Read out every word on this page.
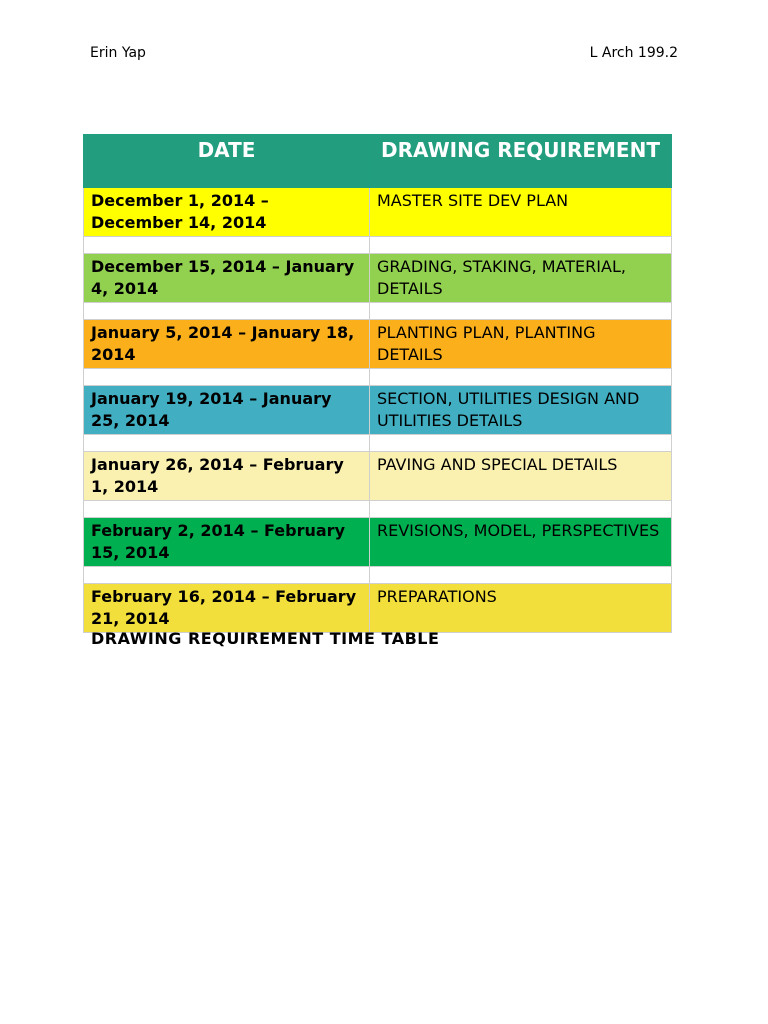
Erin Yap	L Arch 199.2
DATE	DRAWING REQUIREMENT
December 1, 2014 – December 14, 2014	MASTER SITE DEV PLAN

December 15, 2014 – January 4, 2014	GRADING, STAKING, MATERIAL, DETAILS

January 5, 2014 – January 18, 2014	PLANTING PLAN, PLANTING DETAILS

January 19, 2014 – January 25, 2014	SECTION, UTILITIES DESIGN AND UTILITIES DETAILS

January 26, 2014 – February 1, 2014	PAVING AND SPECIAL DETAILS

February 2, 2014 – February 15, 2014	REVISIONS, MODEL, PERSPECTIVES

February 16, 2014 – February 21, 2014	PREPARATIONS
DRAWING REQUIREMENT TIME TABLE
